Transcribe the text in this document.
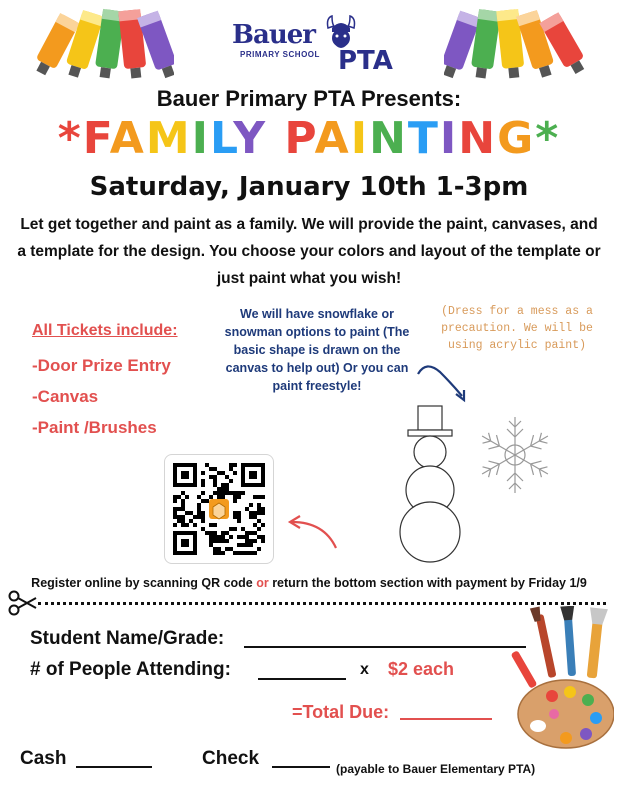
Bauer
PRIMARY SCHOOL PTA
Bauer Primary PTA Presents:
*FAMILY PAINTING*
Saturday, January 10th 1-3pm
Let get together and paint as a family. We will provide the paint, canvases, and a template for the design. You choose your colors and layout of the template or just paint what you wish!
All Tickets include:
-Door Prize Entry
-Canvas
-Paint /Brushes
We will have snowflake or snowman options to paint (The basic shape is drawn on the canvas to help out) Or you can paint freestyle!
(Dress for a mess as a precaution. We will be using acrylic paint)
Register online by scanning QR code or return the bottom section with payment by Friday 1/9
Student Name/Grade:
# of People Attending:	x $2 each
=Total Due:
Cash	Check	(payable to Bauer Elementary PTA)
